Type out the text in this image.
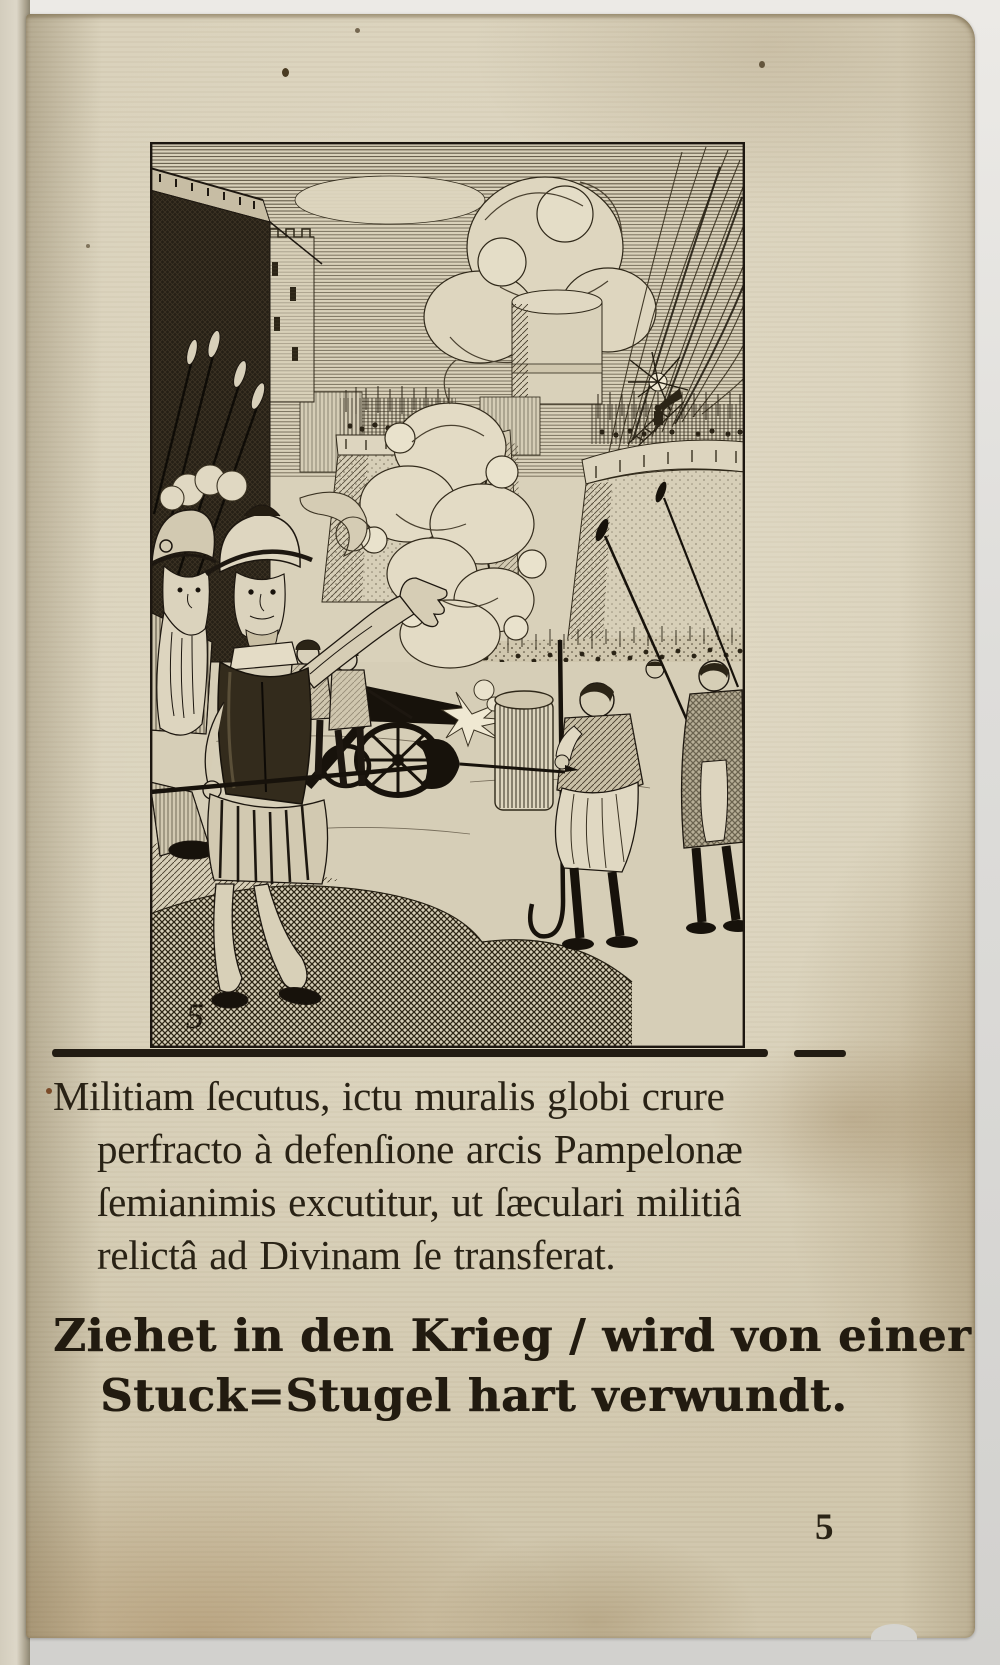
5
Militiam ſecutus, ictu muralis globi crure
perfracto à defenſione arcis Pampelonæ
ſemianimis excutitur, ut ſæculari militiâ
relictâ ad Divinam ſe transferat.
Ziehet in den Krieg / wird von einer
Stuck=Stugel hart verwundt.
5
